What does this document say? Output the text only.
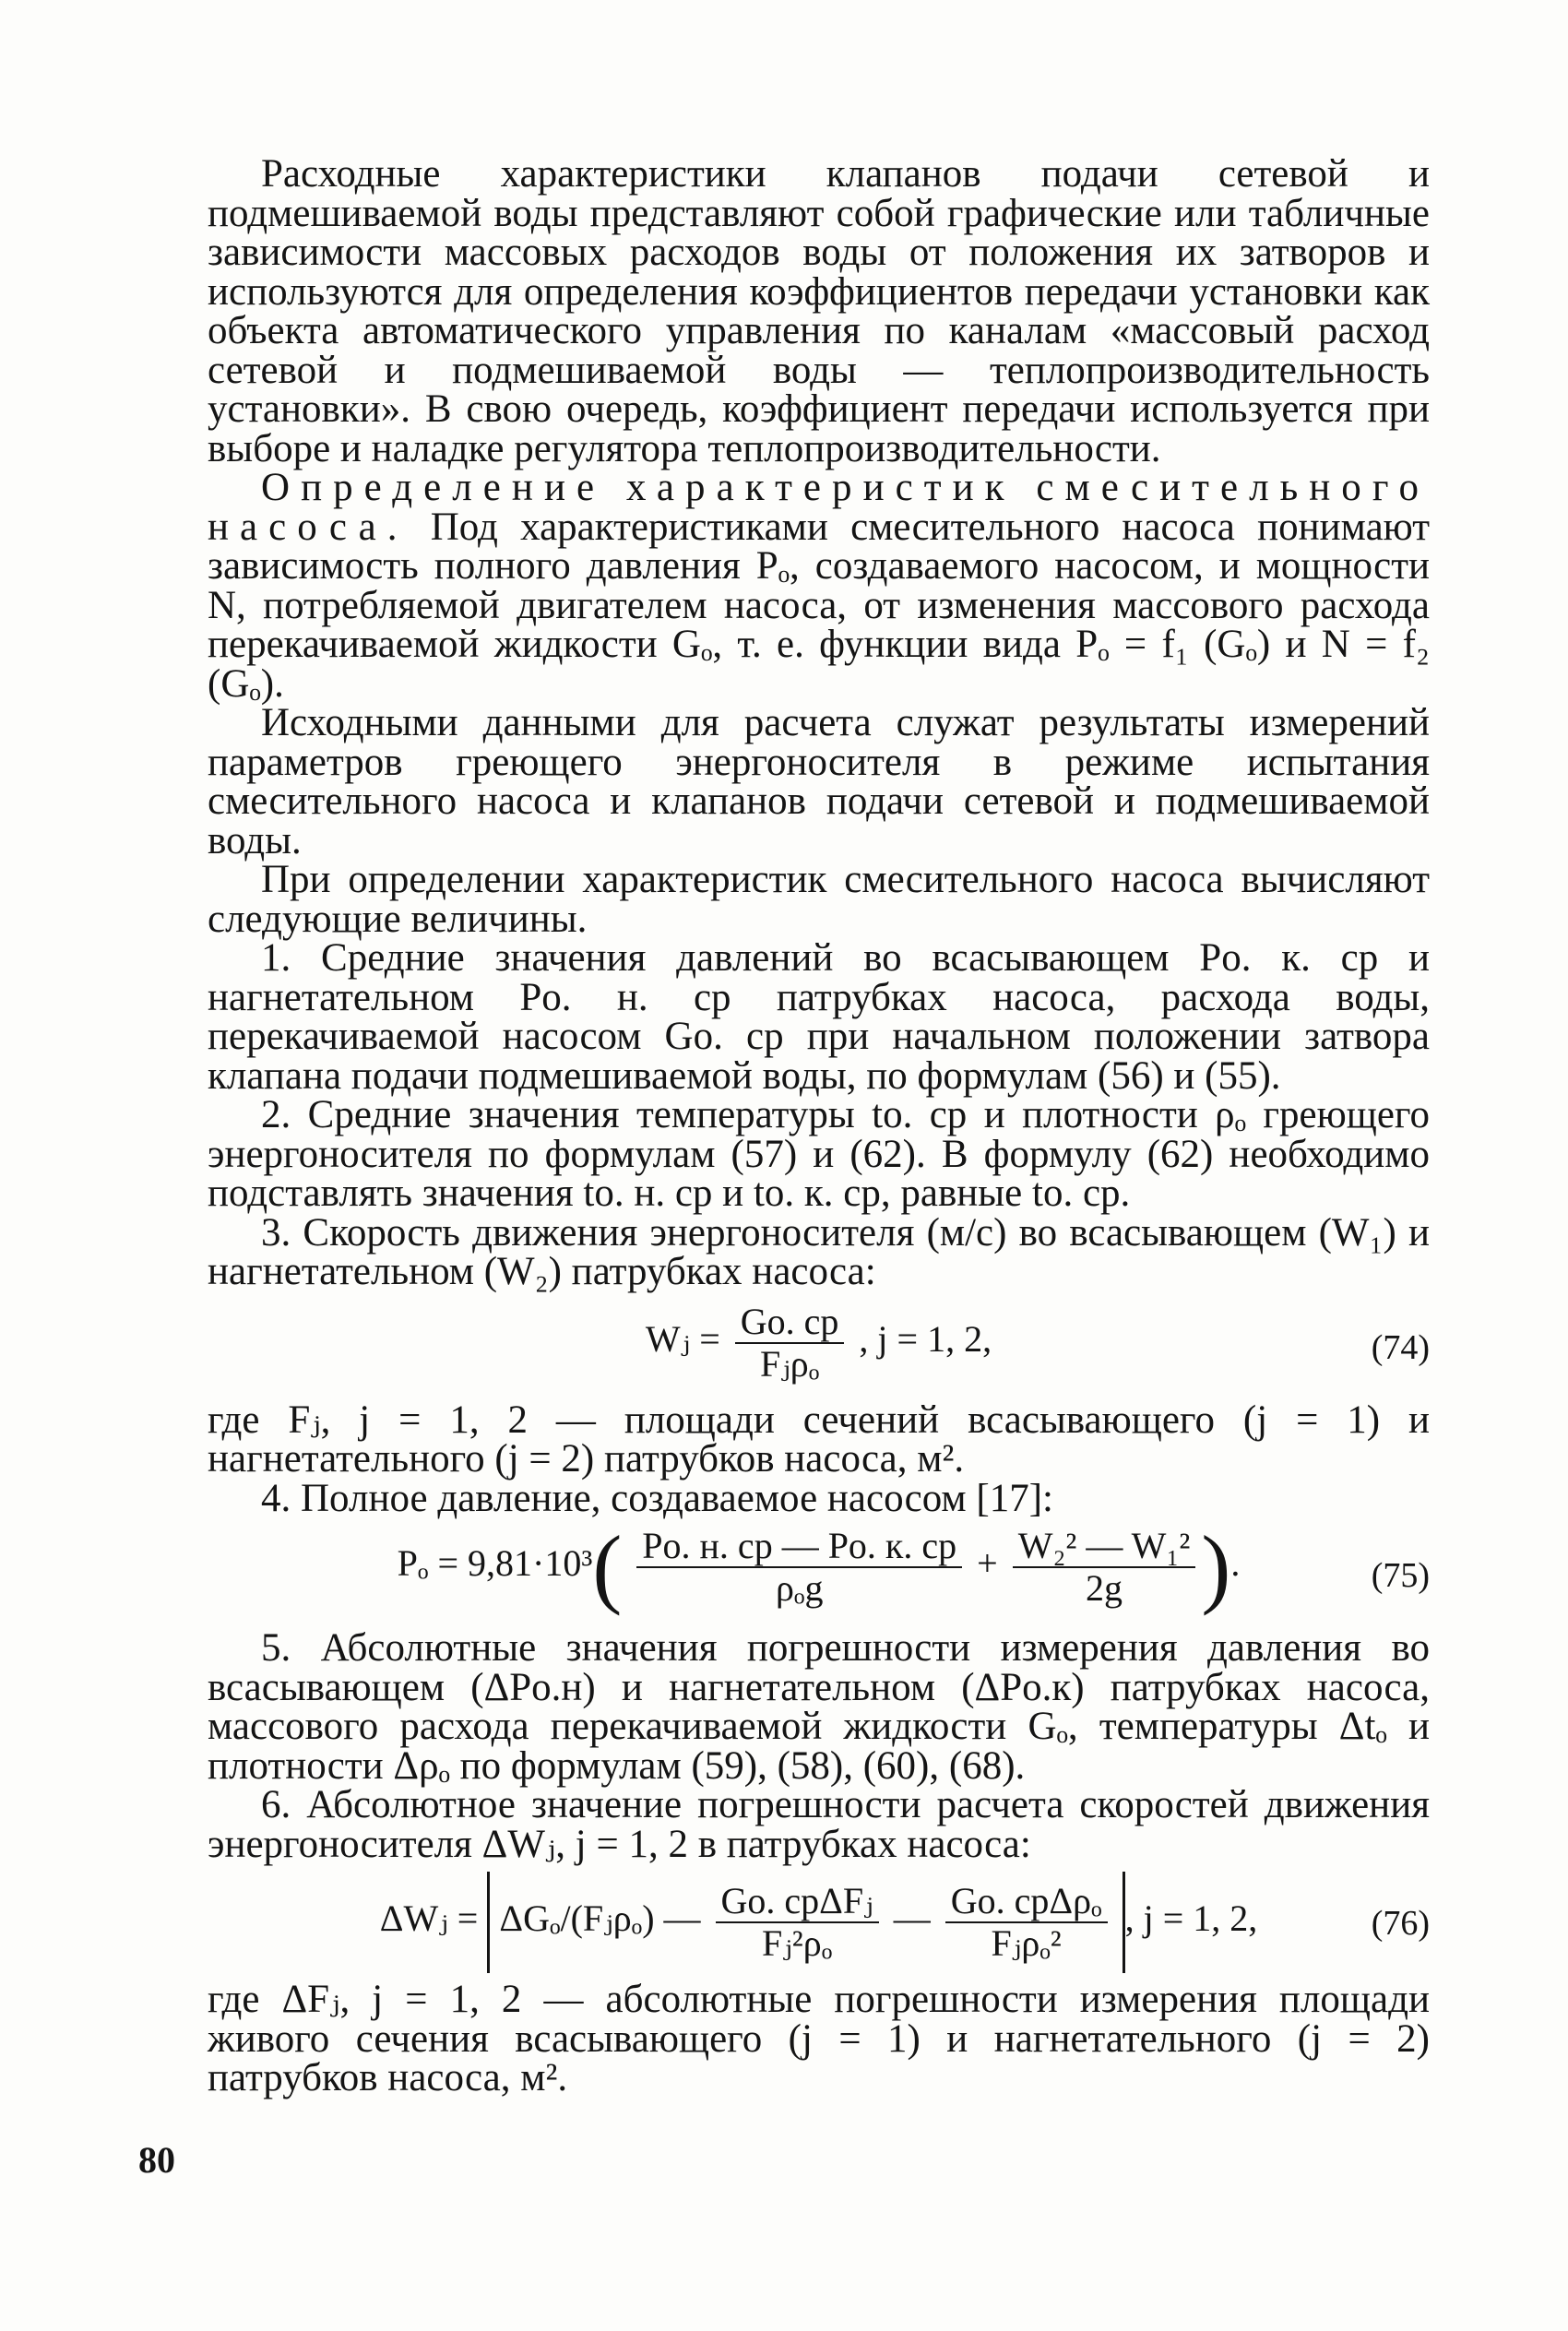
Расходные характеристики клапанов подачи сетевой и подмешиваемой воды представляют собой графические или табличные зависимости массовых расходов воды от положения их затворов и используются для определения коэффициентов передачи установки как объекта автоматического управления по каналам «массовый расход сетевой и подмешиваемой воды — теплопроизводительность установки». В свою очередь, коэффициент передачи используется при выборе и наладке регулятора теплопроизводительности.

Определение характеристик смесительного насоса. Под характеристиками смесительного насоса понимают зависимость полного давления Pₒ, создаваемого насосом, и мощности N, потребляемой двигателем насоса, от изменения массового расхода перекачиваемой жидкости Gₒ, т. е. функции вида Pₒ = f₁ (Gₒ) и N = f₂ (Gₒ).

Исходными данными для расчета служат результаты измерений параметров греющего энергоносителя в режиме испытания смесительного насоса и клапанов подачи сетевой и подмешиваемой воды.

При определении характеристик смесительного насоса вычисляют следующие величины.

1. Средние значения давлений во всасывающем Pо. к. ср и нагнетательном Pо. н. ср патрубках насоса, расхода воды, перекачиваемой насосом Gо. ср при начальном положении затвора клапана подачи подмешиваемой воды, по формулам (56) и (55).

2. Средние значения температуры tо. ср и плотности ρₒ греющего энергоносителя по формулам (57) и (62). В формулу (62) необходимо подставлять значения tо. н. ср и tо. к. ср, равные tо. ср.

3. Скорость движения энергоносителя (м/с) во всасывающем (W₁) и нагнетательном (W₂) патрубках насоса:

Wⱼ = $\frac{Gо. ср}{\text{Fⱼρₒ}}$ , j = 1, 2,	(74)

где Fⱼ, j = 1, 2 — площади сечений всасывающего (j = 1) и нагнетательного (j = 2) патрубков насоса, м².

4. Полное давление, создаваемое насосом [17]:

$P_o = 9,81\cdot 10^3( \frac{Pо. н. ср — Pо. к. ср}{\text{ρₒg}} + \frac{\text{W₂² — W₁²}}{2g}$ ).	(75)

5. Абсолютные значения погрешности измерения давления во всасывающем (ΔPо.н) и нагнетательном (ΔPо.к) патрубках насоса, массового расхода перекачиваемой жидкости Gₒ, температуры Δtₒ и плотности Δρₒ по формулам (59), (58), (60), (68).

6. Абсолютное значение погрешности расчета скоростей движения энергоносителя ΔWⱼ, j = 1, 2 в патрубках насоса:

ΔWⱼ = ΔGₒ/(Fⱼρₒ) — $\frac{\text{Gо. срΔFⱼ}}{\text{Fⱼ²ρₒ}}$ — $\frac{\text{Gо. срΔρₒ}}{\text{Fⱼρₒ²}}$ , j = 1, 2,	(76)

где ΔFⱼ, j = 1, 2 — абсолютные погрешности измерения площади живого сечения всасывающего (j = 1) и нагнетательного (j = 2) патрубков насоса, м².

80
